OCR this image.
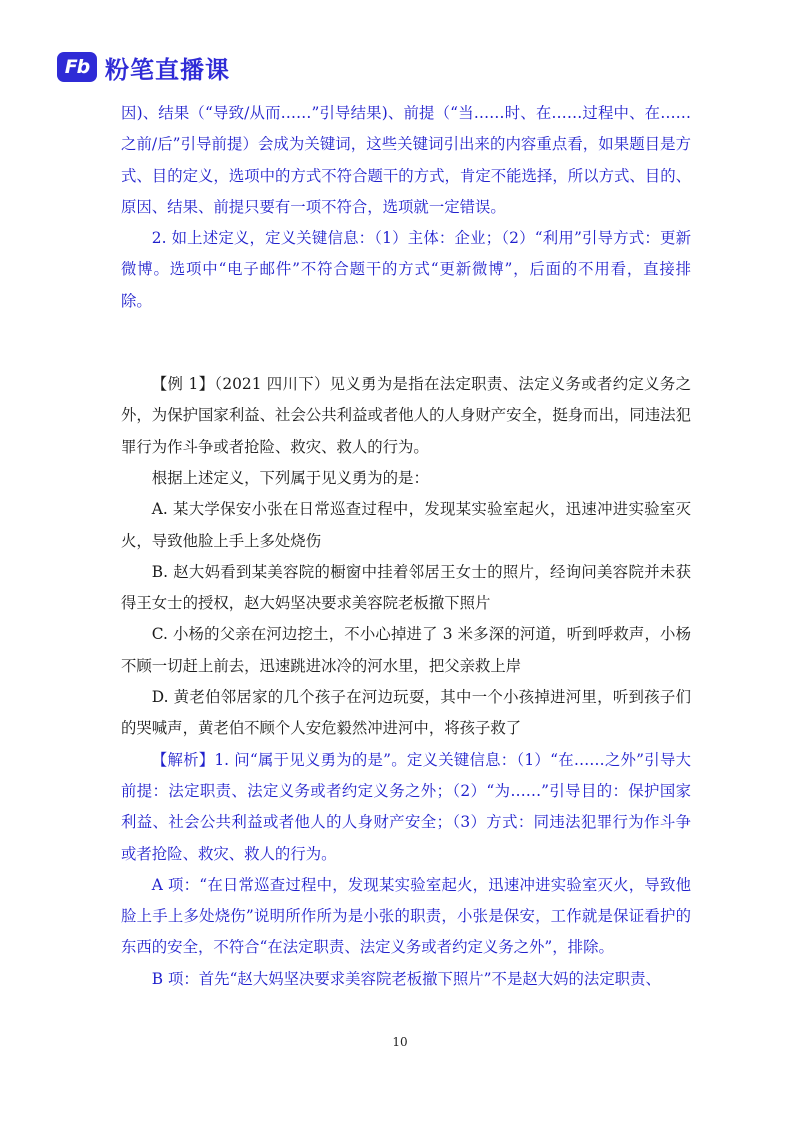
Fb 粉笔直播课

因)、结果（“导致/从而……”引导结果)、前提（“当……时、在……过程中、在……之前/后”引导前提）会成为关键词，这些关键词引出来的内容重点看，如果题目是方式、目的定义，选项中的方式不符合题干的方式，肯定不能选择，所以方式、目的、原因、结果、前提只要有一项不符合，选项就一定错误。

2. 如上述定义，定义关键信息：（1）主体：企业；（2）“利用”引导方式：更新微博。选项中“电子邮件”不符合题干的方式“更新微博”，后面的不用看，直接排除。

【例 1】（2021 四川下）见义勇为是指在法定职责、法定义务或者约定义务之外，为保护国家利益、社会公共利益或者他人的人身财产安全，挺身而出，同违法犯罪行为作斗争或者抢险、救灾、救人的行为。

根据上述定义，下列属于见义勇为的是：

A. 某大学保安小张在日常巡查过程中，发现某实验室起火，迅速冲进实验室灭火，导致他脸上手上多处烧伤

B. 赵大妈看到某美容院的橱窗中挂着邻居王女士的照片，经询问美容院并未获得王女士的授权，赵大妈坚决要求美容院老板撤下照片

C. 小杨的父亲在河边挖土，不小心掉进了 3 米多深的河道，听到呼救声，小杨不顾一切赶上前去，迅速跳进冰冷的河水里，把父亲救上岸

D. 黄老伯邻居家的几个孩子在河边玩耍，其中一个小孩掉进河里，听到孩子们的哭喊声，黄老伯不顾个人安危毅然冲进河中，将孩子救了

【解析】1. 问“属于见义勇为的是”。定义关键信息：（1）“在……之外”引导大前提：法定职责、法定义务或者约定义务之外；（2）“为……”引导目的：保护国家利益、社会公共利益或者他人的人身财产安全；（3）方式：同违法犯罪行为作斗争或者抢险、救灾、救人的行为。

A 项：“在日常巡查过程中，发现某实验室起火，迅速冲进实验室灭火，导致他脸上手上多处烧伤”说明所作所为是小张的职责，小张是保安，工作就是保证看护的东西的安全，不符合“在法定职责、法定义务或者约定义务之外”，排除。

B 项：首先“赵大妈坚决要求美容院老板撤下照片”不是赵大妈的法定职责、

10
